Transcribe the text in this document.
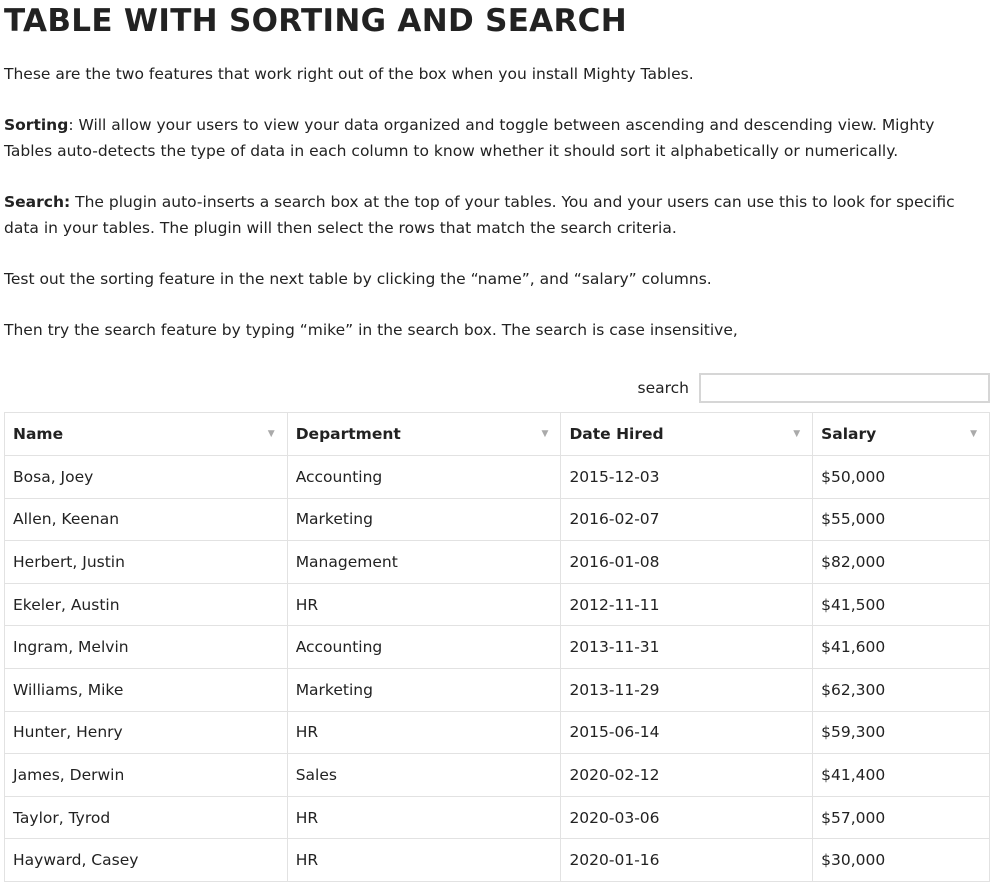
TABLE WITH SORTING AND SEARCH

These are the two features that work right out of the box when you install Mighty Tables.

Sorting: Will allow your users to view your data organized and toggle between ascending and descending view. Mighty Tables auto-detects the type of data in each column to know whether it should sort it alphabetically or numerically.

Search: The plugin auto-inserts a search box at the top of your tables. You and your users can use this to look for specific data in your tables. The plugin will then select the rows that match the search criteria.

Test out the sorting feature in the next table by clicking the “name”, and “salary” columns.

Then try the search feature by typing “mike” in the search box. The search is case insensitive,

search
Name ▼	Department ▼	Date Hired ▼	Salary ▼

Bosa, Joey	Accounting	2015-12-03	$50,000
Allen, Keenan	Marketing	2016-02-07	$55,000
Herbert, Justin	Management	2016-01-08	$82,000
Ekeler, Austin	HR	2012-11-11	$41,500
Ingram, Melvin	Accounting	2013-11-31	$41,600
Williams, Mike	Marketing	2013-11-29	$62,300
Hunter, Henry	HR	2015-06-14	$59,300
James, Derwin	Sales	2020-02-12	$41,400
Taylor, Tyrod	HR	2020-03-06	$57,000
Hayward, Casey	HR	2020-01-16	$30,000
